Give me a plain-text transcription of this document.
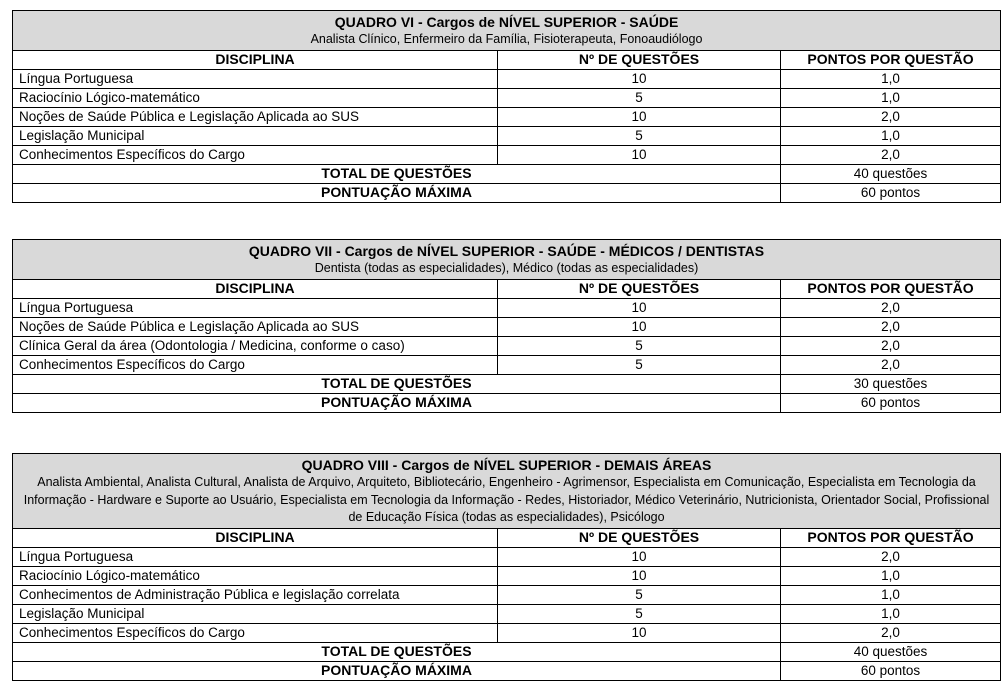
QUADRO VI - Cargos de NÍVEL SUPERIOR - SAÚDE
Analista Clínico, Enfermeiro da Família, Fisioterapeuta, Fonoaudiólogo		

DISCIPLINA	Nº DE QUESTÕES	PONTOS POR QUESTÃO
Língua Portuguesa	10	1,0
Raciocínio Lógico-matemático	5	1,0
Noções de Saúde Pública e Legislação Aplicada ao SUS	10	2,0
Legislação Municipal	5	1,0
Conhecimentos Específicos do Cargo	10	2,0
TOTAL DE QUESTÕES		40 questões
PONTUAÇÃO MÁXIMA		60 pontos
QUADRO VII - Cargos de NÍVEL SUPERIOR - SAÚDE - MÉDICOS / DENTISTAS
Dentista (todas as especialidades), Médico (todas as especialidades)		

DISCIPLINA	Nº DE QUESTÕES	PONTOS POR QUESTÃO
Língua Portuguesa	10	2,0
Noções de Saúde Pública e Legislação Aplicada ao SUS	10	2,0
Clínica Geral da área (Odontologia / Medicina, conforme o caso)	5	2,0
Conhecimentos Específicos do Cargo	5	2,0
TOTAL DE QUESTÕES		30 questões
PONTUAÇÃO MÁXIMA		60 pontos
QUADRO VIII - Cargos de NÍVEL SUPERIOR - DEMAIS ÁREAS
Analista Ambiental, Analista Cultural, Analista de Arquivo, Arquiteto, Bibliotecário, Engenheiro - Agrimensor, Especialista em Comunicação, Especialista em Tecnologia da Informação - Hardware e Suporte ao Usuário, Especialista em Tecnologia da Informação - Redes, Historiador, Médico Veterinário, Nutricionista, Orientador Social, Profissional de Educação Física (todas as especialidades), Psicólogo		

DISCIPLINA	Nº DE QUESTÕES	PONTOS POR QUESTÃO
Língua Portuguesa	10	2,0
Raciocínio Lógico-matemático	10	1,0
Conhecimentos de Administração Pública e legislação correlata	5	1,0
Legislação Municipal	5	1,0
Conhecimentos Específicos do Cargo	10	2,0
TOTAL DE QUESTÕES		40 questões
PONTUAÇÃO MÁXIMA		60 pontos
